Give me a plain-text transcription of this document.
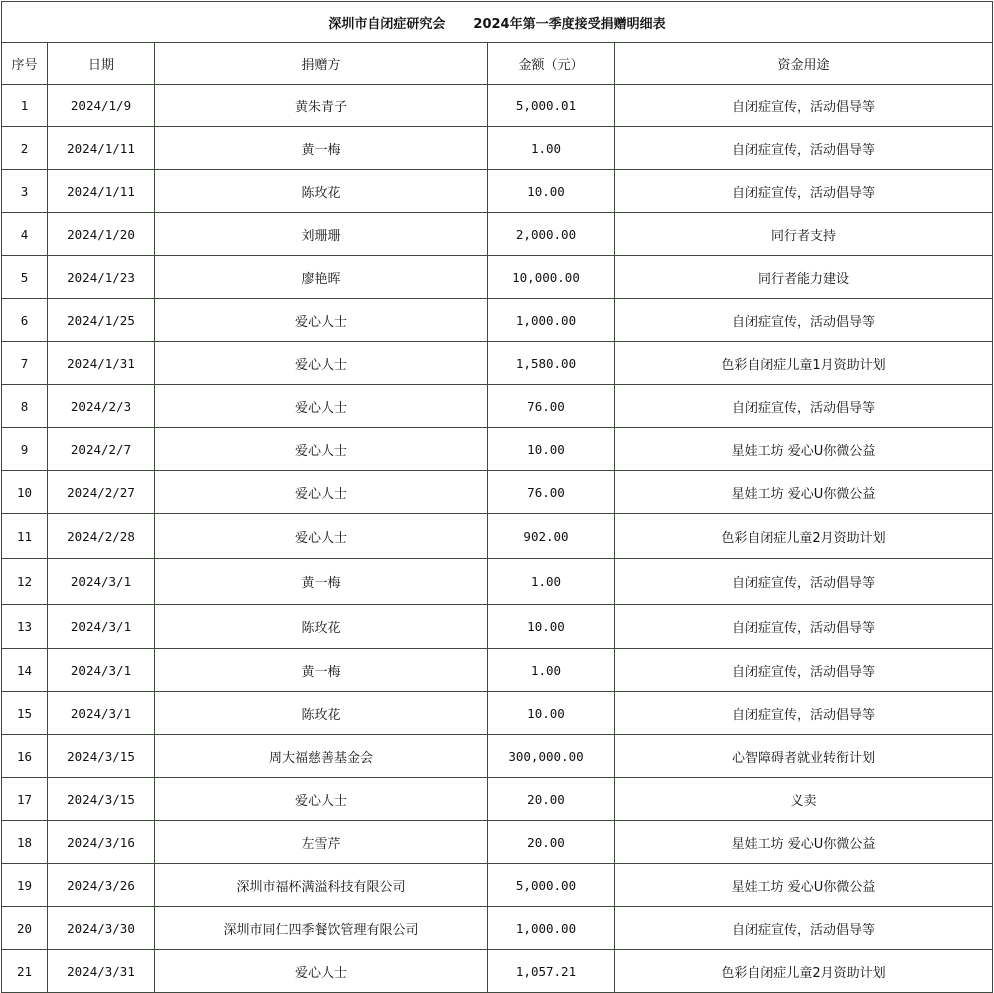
深圳市自闭症研究会 2024年第一季度接受捐赠明细表				
序号	日期	捐赠方	金额（元）	资金用途
1	2024/1/9	黄朱青子	5,000.01	自闭症宣传，活动倡导等
2	2024/1/11	黄一梅	1.00	自闭症宣传，活动倡导等
3	2024/1/11	陈玫花	10.00	自闭症宣传，活动倡导等
4	2024/1/20	刘珊珊	2,000.00	同行者支持
5	2024/1/23	廖艳晖	10,000.00	同行者能力建设
6	2024/1/25	爱心人士	1,000.00	自闭症宣传，活动倡导等
7	2024/1/31	爱心人士	1,580.00	色彩自闭症儿童1月资助计划
8	2024/2/3	爱心人士	76.00	自闭症宣传，活动倡导等
9	2024/2/7	爱心人士	10.00	星娃工坊 爱心U你微公益
10	2024/2/27	爱心人士	76.00	星娃工坊 爱心U你微公益
11	2024/2/28	爱心人士	902.00	色彩自闭症儿童2月资助计划
12	2024/3/1	黄一梅	1.00	自闭症宣传，活动倡导等
13	2024/3/1	陈玫花	10.00	自闭症宣传，活动倡导等
14	2024/3/1	黄一梅	1.00	自闭症宣传，活动倡导等
15	2024/3/1	陈玫花	10.00	自闭症宣传，活动倡导等
16	2024/3/15	周大福慈善基金会	300,000.00	心智障碍者就业转衔计划
17	2024/3/15	爱心人士	20.00	义卖
18	2024/3/16	左雪芹	20.00	星娃工坊 爱心U你微公益
19	2024/3/26	深圳市福杯满溢科技有限公司	5,000.00	星娃工坊 爱心U你微公益
20	2024/3/30	深圳市同仁四季餐饮管理有限公司	1,000.00	自闭症宣传，活动倡导等
21	2024/3/31	爱心人士	1,057.21	色彩自闭症儿童2月资助计划
